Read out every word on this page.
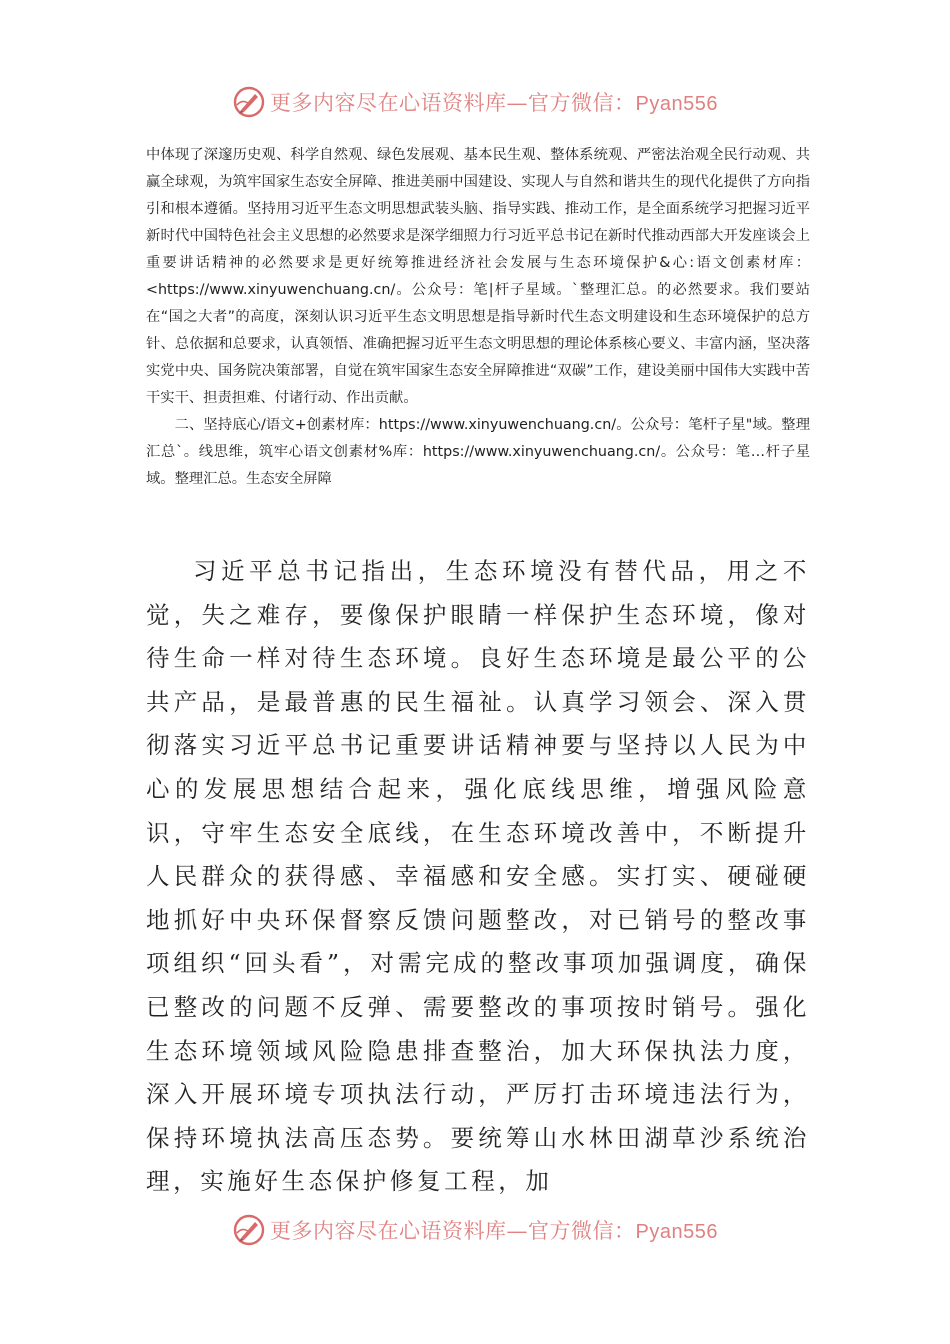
更多内容尽在心语资料库—官方微信：Pyan556

中体现了深邃历史观、科学自然观、绿色发展观、基本民生观、整体系统观、严密法治观全民行动观、共赢全球观，为筑牢国家生态安全屏障、推进美丽中国建设、实现人与自然和谐共生的现代化提供了方向指引和根本遵循。坚持用习近平生态文明思想武装头脑、指导实践、推动工作，是全面系统学习把握习近平新时代中国特色社会主义思想的必然要求是深学细照力行习近平总书记在新时代推动西部大开发座谈会上重要讲话精神的必然要求是更好统筹推进经济社会发展与生态环境保护&心:语文创素材库：<https://www.xinyuwenchuang.cn/。公众号：笔|杆子星域。`整理汇总。的必然要求。我们要站在“国之大者”的高度，深刻认识习近平生态文明思想是指导新时代生态文明建设和生态环境保护的总方针、总依据和总要求，认真领悟、准确把握习近平生态文明思想的理论体系核心要义、丰富内涵，坚决落实党中央、国务院决策部署，自觉在筑牢国家生态安全屏障推进“双碳”工作，建设美丽中国伟大实践中苦干实干、担责担难、付诸行动、作出贡献。

二、坚持底心/语文+创素材库：https://www.xinyuwenchuang.cn/。公众号：笔杆子星"域。整理汇总`。线思维，筑牢心语文创素材%库：https://www.xinyuwenchuang.cn/。公众号：笔…杆子星域。整理汇总。生态安全屏障

习近平总书记指出，生态环境没有替代品，用之不觉，失之难存，要像保护眼睛一样保护生态环境，像对待生命一样对待生态环境。良好生态环境是最公平的公共产品，是最普惠的民生福祉。认真学习领会、深入贯彻落实习近平总书记重要讲话精神要与坚持以人民为中心的发展思想结合起来，强化底线思维，增强风险意识，守牢生态安全底线，在生态环境改善中，不断提升人民群众的获得感、幸福感和安全感。实打实、硬碰硬地抓好中央环保督察反馈问题整改，对已销号的整改事项组织“回头看”，对需完成的整改事项加强调度，确保已整改的问题不反弹、需要整改的事项按时销号。强化生态环境领域风险隐患排查整治，加大环保执法力度，深入开展环境专项执法行动，严厉打击环境违法行为，保持环境执法高压态势。要统筹山水林田湖草沙系统治理，实施好生态保护修复工程，加

更多内容尽在心语资料库—官方微信：Pyan556
